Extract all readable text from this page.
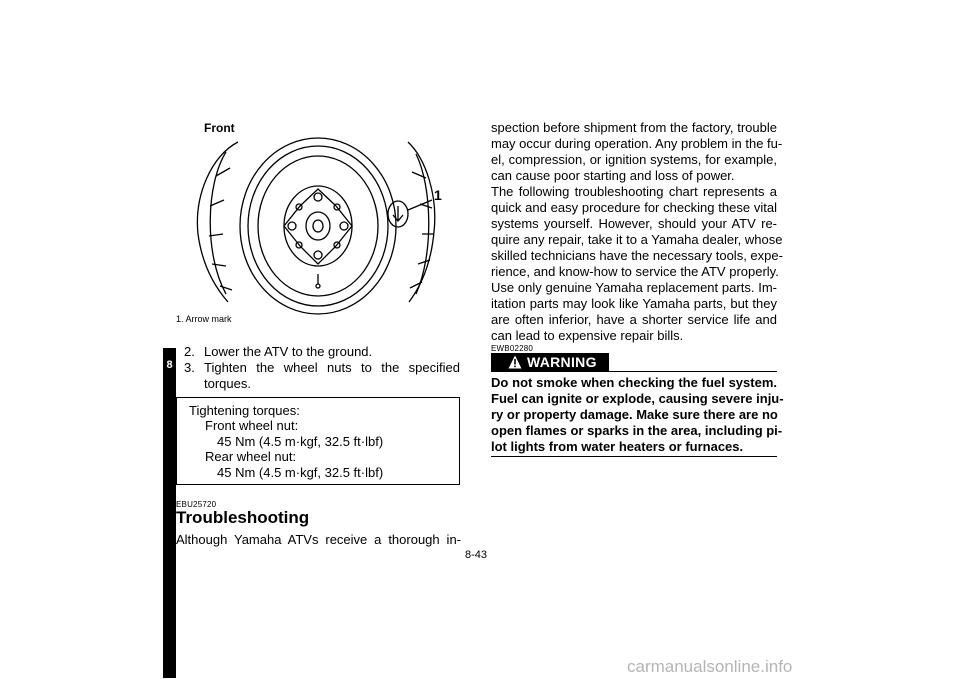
8
Front
1
1. Arrow mark
2. Lower the ATV to the ground.
3. Tighten the wheel nuts to the specified
torques.
Tightening torques:
Front wheel nut:
45 Nm (4.5 m·kgf, 32.5 ft·lbf)
Rear wheel nut:
45 Nm (4.5 m·kgf, 32.5 ft·lbf)
EBU25720
Troubleshooting
Although Yamaha ATVs receive a thorough in-
spection before shipment from the factory, trouble
may occur during operation. Any problem in the fu-
el, compression, or ignition systems, for example,
can cause poor starting and loss of power.
The following troubleshooting chart represents a
quick and easy procedure for checking these vital
systems yourself. However, should your ATV re-
quire any repair, take it to a Yamaha dealer, whose
skilled technicians have the necessary tools, expe-
rience, and know-how to service the ATV properly.
Use only genuine Yamaha replacement parts. Im-
itation parts may look like Yamaha parts, but they
are often inferior, have a shorter service life and
can lead to expensive repair bills.
EWB02280
WARNING
Do not smoke when checking the fuel system.
Fuel can ignite or explode, causing severe inju-
ry or property damage. Make sure there are no
open flames or sparks in the area, including pi-
lot lights from water heaters or furnaces.
8-43
carmanualsonline.info
